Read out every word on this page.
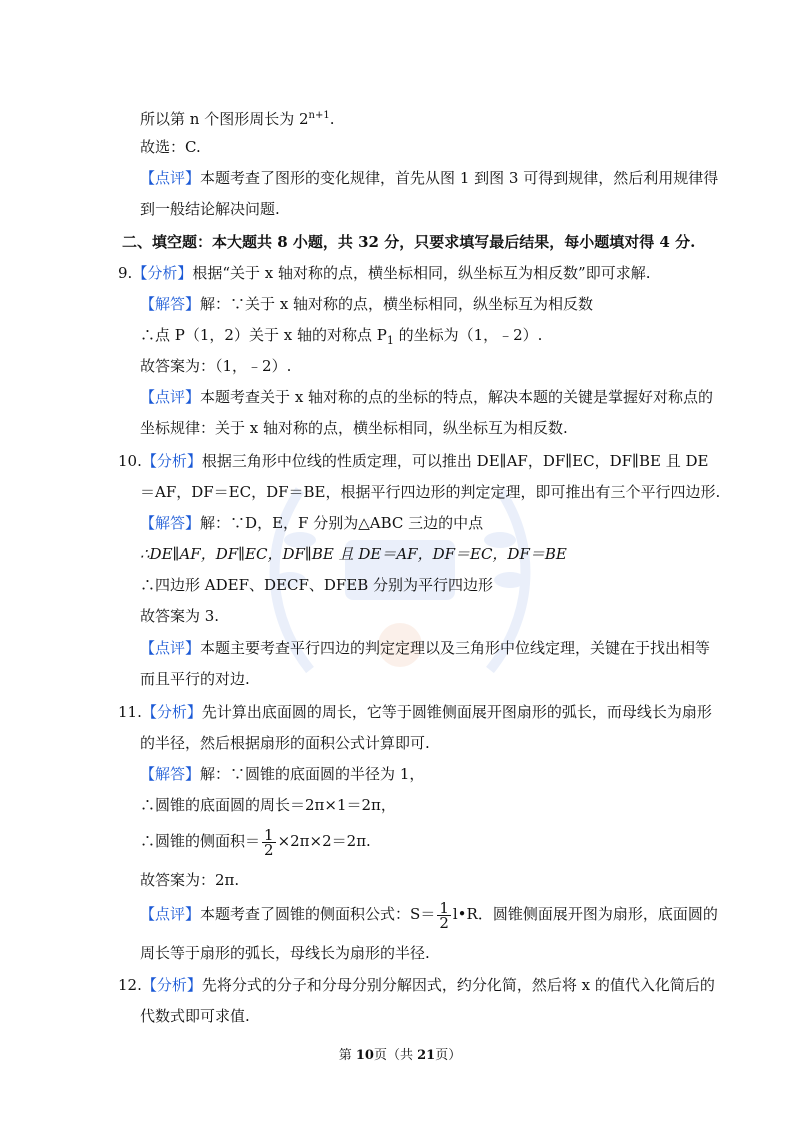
所以第 n 个图形周长为 $2^{n+1}$.
故选：C.
【 点评 】 本题考查了图形的变化规律，首先从图 1 到图 3 可得到规律，然后利用规律得
到一般结论解决问题.
二、填空题：本大题共 8 小题，共 32 分，只要求填写最后结果，每小题填对得 4 分.
9. 【 分析 】 根据“关于 x 轴对称的点，横坐标相同，纵坐标互为相反数”即可求解.
【 解答 】 解：∵关于 x 轴对称的点，横坐标相同，纵坐标互为相反数
∴点 P（1，2）关于 x 轴的对称点 $P_1$ 的坐标为（1，﹣2）.
故答案为：（1，﹣2）.
【 点评 】 本题考查关于 x 轴对称的点的坐标的特点，解决本题的关键是掌握好对称点的
坐标规律：关于 x 轴对称的点，横坐标相同，纵坐标互为相反数.
10. 【 分析 】 根据三角形中位线的性质定理，可以推出 DE∥AF，DF∥EC，DF∥BE 且 DE
＝AF，DF＝EC，DF＝BE，根据平行四边形的判定定理，即可推出有三个平行四边形.
【 解答 】 解：∵D，E，F 分别为△ABC 三边的中点
∴DE∥AF，DF∥EC，DF∥BE 且 DE＝AF，DF＝EC，DF＝BE
∴四边形 ADEF、DECF、DFEB 分别为平行四边形
故答案为 3.
【 点评 】 本题主要考查平行四边的判定定理以及三角形中位线定理，关键在于找出相等
而且平行的对边.
11. 【 分析 】 先计算出底面圆的周长，它等于圆锥侧面展开图扇形的弧长，而母线长为扇形
的半径，然后根据扇形的面积公式计算即可.
【 解答 】 解：∵圆锥的底面圆的半径为 1，
∴圆锥的底面圆的周长＝2π×1＝2π，
∴圆锥的侧面积＝ $\frac{1}{2} \times 2\pi\times 2=2\pi$.
故答案为：2π.
【 点评 】 本题考查了圆锥的侧面积公式：$S= \frac{1}{2}$ l•R．圆锥侧面展开图为扇形，底面圆的
周长等于扇形的弧长，母线长为扇形的半径.
12. 【 分析 】 先将分式的分子和分母分别分解因式，约分化简，然后将 x 的值代入化简后的
代数式即可求值.
第 10页（共 21页）
